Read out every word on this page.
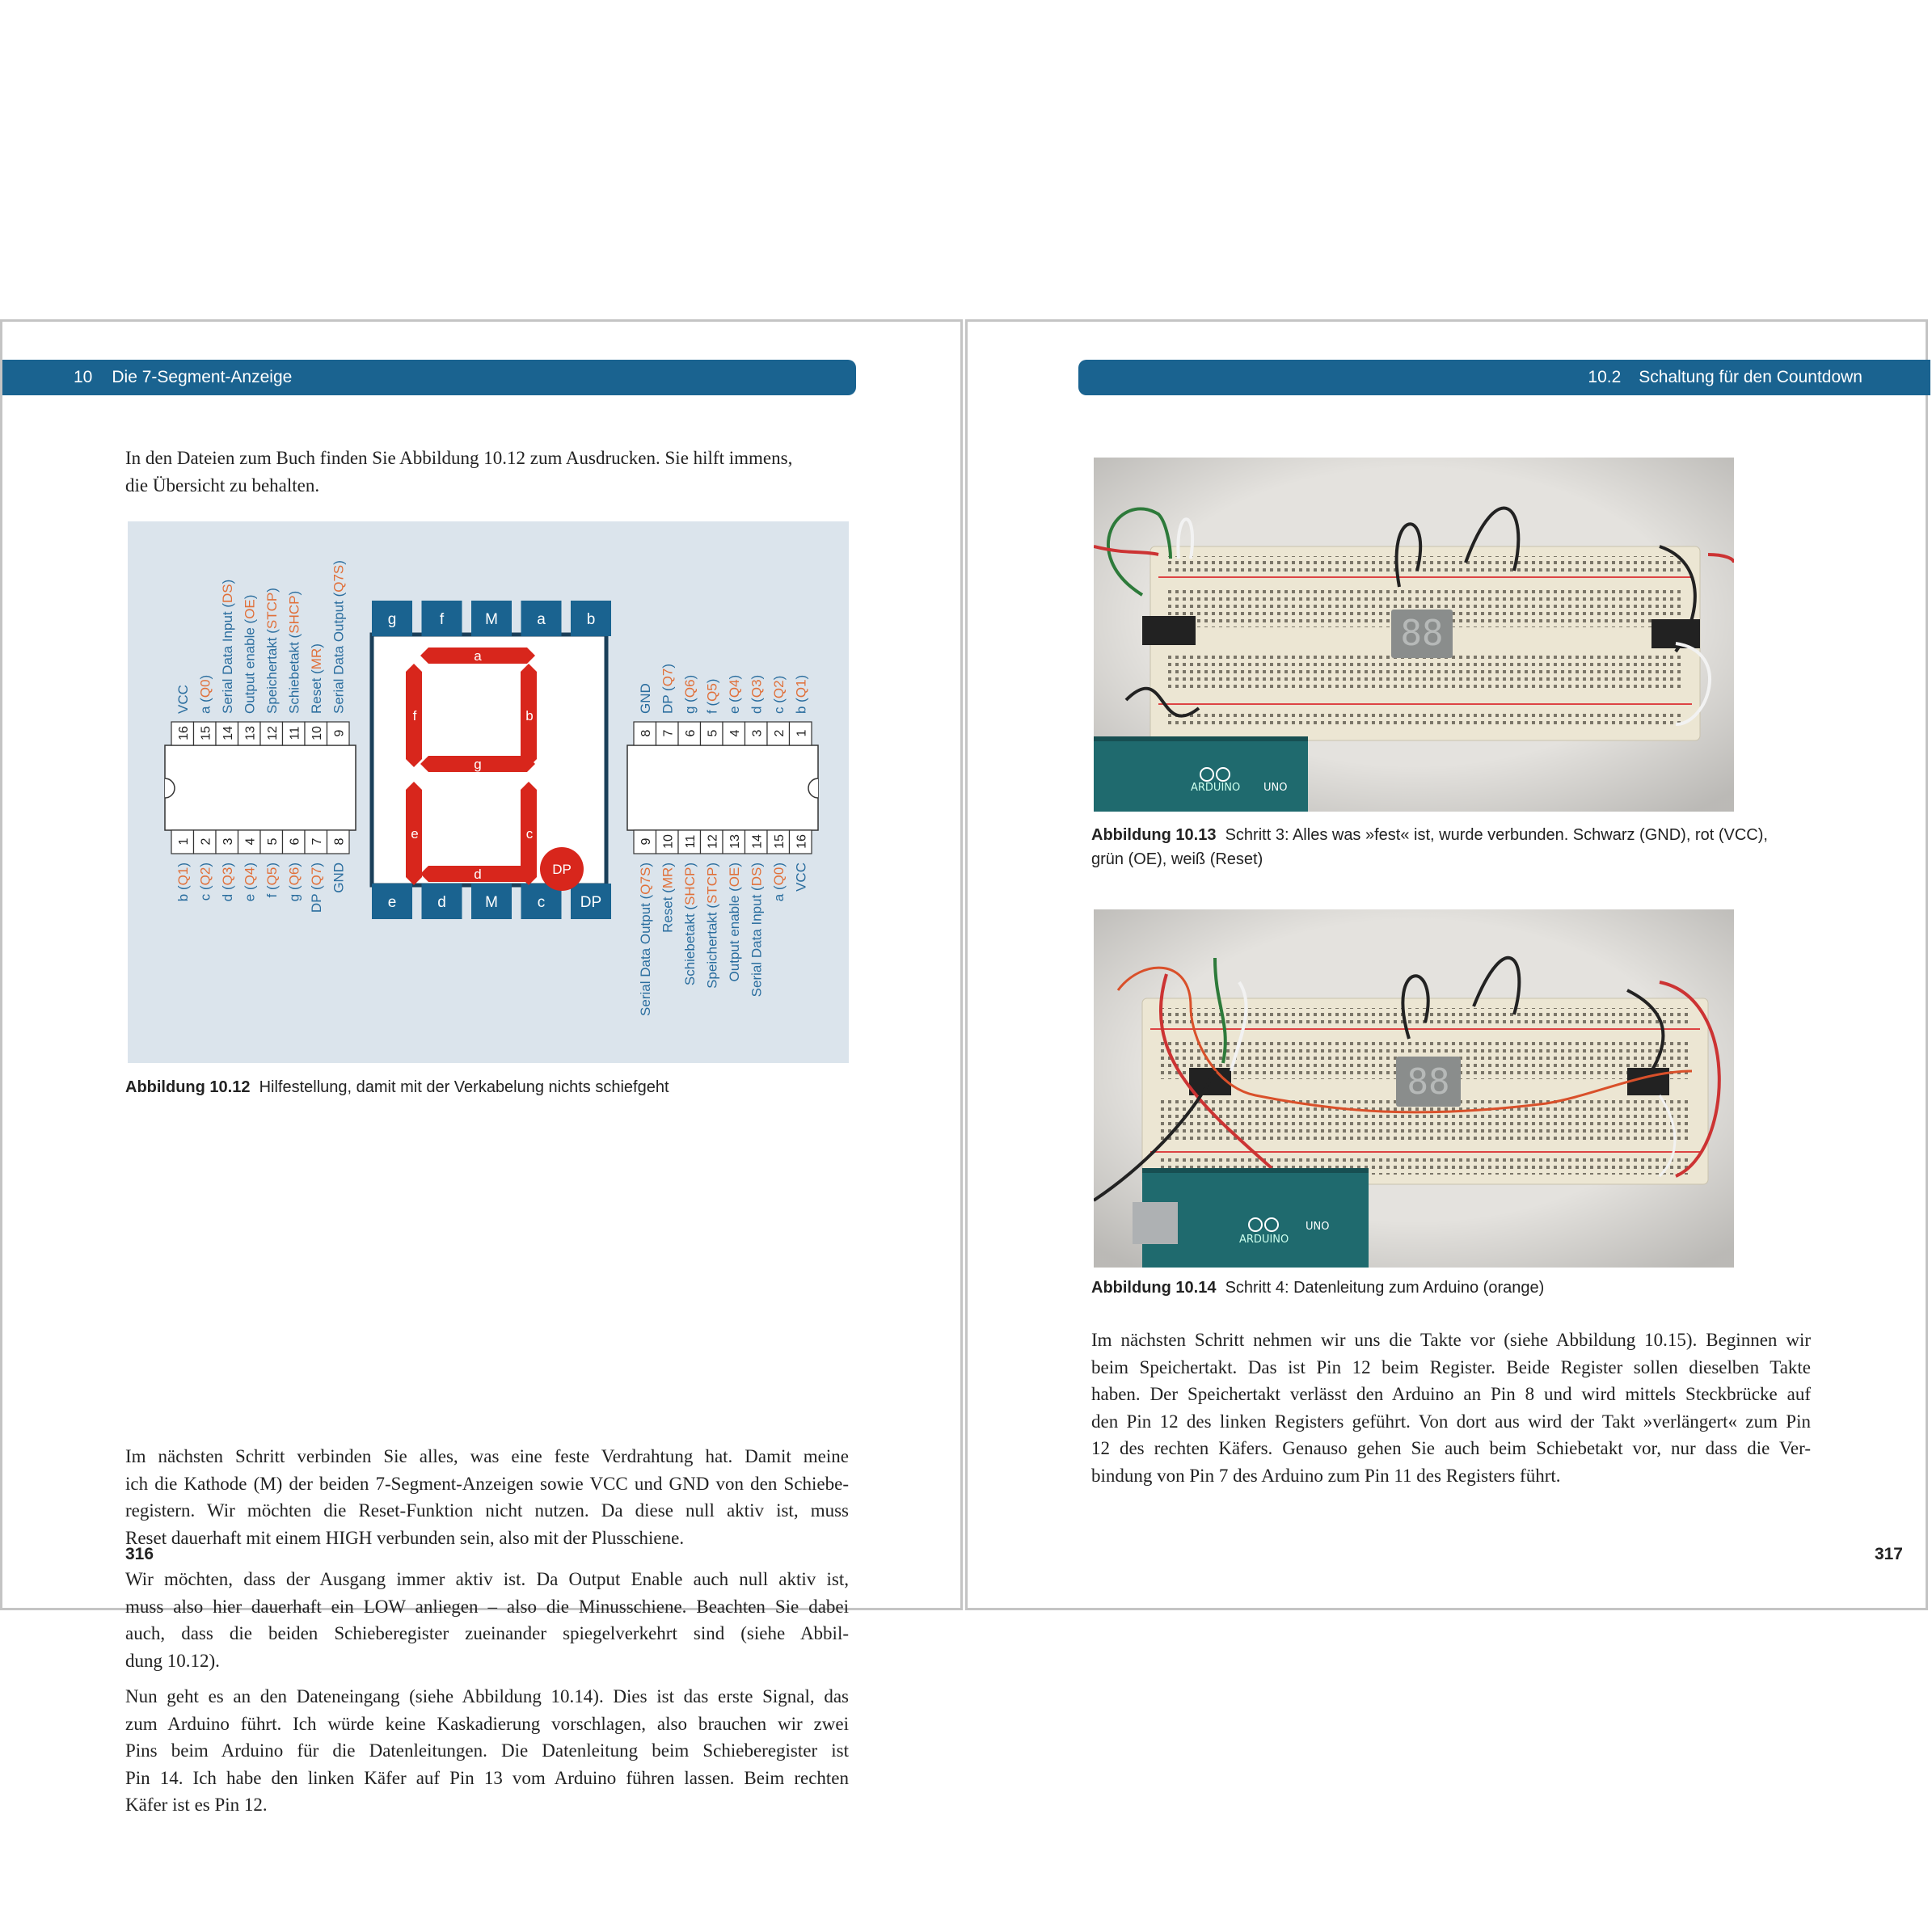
10 Die 7-Segment-Anzeige
In den Dateien zum Buch finden Sie Abbildung 10.12 zum Ausdrucken. Sie hilft immens,
die Übersicht zu behalten.
16
VCC
15
a (Q0)
14
Serial Data Input (DS)
13
Output enable (OE)
12
Speichertakt (STCP)
11
Schiebetakt (SHCP)
10
Reset (MR)
9
Serial Data Output (Q7S)
1
b (Q1)
2
c (Q2)
3
d (Q3)
4
e (Q4)
5
f (Q5)
6
g (Q6)
7
DP (Q7)
8
GND
8
GND
7
DP (Q7)
6
g (Q6)
5
f (Q5)
4
e (Q4)
3
d (Q3)
2
c (Q2)
1
b (Q1)
9
Serial Data Output (Q7S)
10
Reset (MR)
11
Schiebetakt (SHCP)
12
Speichertakt (STCP)
13
Output enable (OE)
14
Serial Data Input (DS)
15
a (Q0)
16
VCC
g	f	M	a	b
e	d	M	c DP
a
b
c
d
e
f
g
DP

Abbildung 10.12 Hilfestellung, damit mit der Verkabelung nichts schiefgeht

Im nächsten Schritt verbinden Sie alles, was eine feste Verdrahtung hat. Damit meine
ich die Kathode (M) der beiden 7-Segment-Anzeigen sowie VCC und GND von den Schiebe-
registern. Wir möchten die Reset-Funktion nicht nutzen. Da diese null aktiv ist, muss
Reset dauerhaft mit einem HIGH verbunden sein, also mit der Plusschiene.
Wir möchten, dass der Ausgang immer aktiv ist. Da Output Enable auch null aktiv ist,
muss also hier dauerhaft ein LOW anliegen – also die Minusschiene. Beachten Sie dabei
auch, dass die beiden Schieberegister zueinander spiegelverkehrt sind (siehe Abbil-
dung 10.12).
Nun geht es an den Dateneingang (siehe Abbildung 10.14). Dies ist das erste Signal, das
zum Arduino führt. Ich würde keine Kaskadierung vorschlagen, also brauchen wir zwei
Pins beim Arduino für die Datenleitungen. Die Datenleitung beim Schieberegister ist
Pin 14. Ich habe den linken Käfer auf Pin 13 vom Arduino führen lassen. Beim rechten
Käfer ist es Pin 12.
316
10.2 Schaltung für den Countdown
88
ARDUINO UNO
Abbildung 10.13 Schritt 3: Alles was »fest« ist, wurde verbunden. Schwarz (GND), rot (VCC),
grün (OE), weiß (Reset)
88
ARDUINO
UNO

Abbildung 10.14 Schritt 4: Datenleitung zum Arduino (orange)

Im nächsten Schritt nehmen wir uns die Takte vor (siehe Abbildung 10.15). Beginnen wir
beim Speichertakt. Das ist Pin 12 beim Register. Beide Register sollen dieselben Takte
haben. Der Speichertakt verlässt den Arduino an Pin 8 und wird mittels Steckbrücke auf
den Pin 12 des linken Registers geführt. Von dort aus wird der Takt »verlängert« zum Pin
12 des rechten Käfers. Genauso gehen Sie auch beim Schiebetakt vor, nur dass die Ver-
bindung von Pin 7 des Arduino zum Pin 11 des Registers führt.
317
